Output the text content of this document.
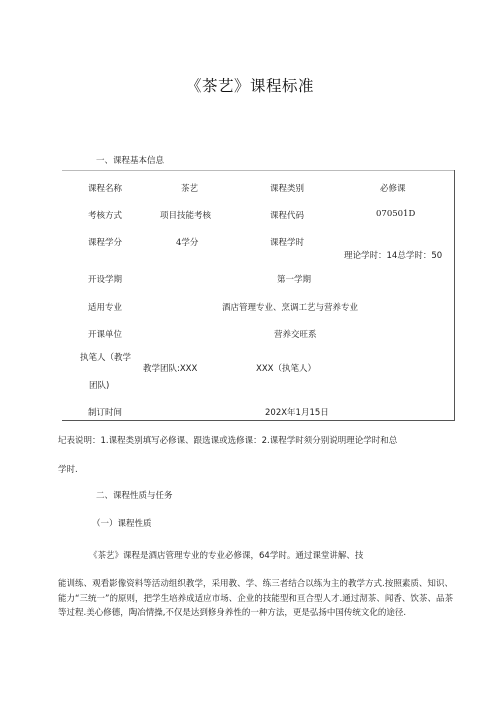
《茶艺》课程标准
一、课程基本信息
课程名称	茶艺	课程类别	必修课
考核方式	项目技能考核	课程代码	070501D
课程学分	4学分	课程学时
理论学时：14总学时：50
开设学期	第一学期
适用专业	酒店管理专业、烹调工艺与营养专业
开课单位	营养交旺系
执笔人（教学
团队)
教学团队:XXX	XXX（执笔人）
制订时间	202X年1月15日
圮表说明：1.课程类别填写必修课、跟选课或选修课：2.课程学时须分别说明理论学时和总
学时.
二、课程性质与任务
（一）课程性质
《茶艺》课程是酒店管理专业的专业必修课，64学时。通过课堂讲解、技
能训练、观看影像资料等活动组织教学，采用教、学、练三者结合以练为主的教学方式.按照素质、知识、能力“三统一”的原则，把学生培养成适应市场、企业的技能型和亘合型人才.通过沏茶、闻香、饮茶、品茶等过程.美心修德，陶冶情操,不仅是达到修身养性的一种方法，更是弘扬中国传统文化的途径.
